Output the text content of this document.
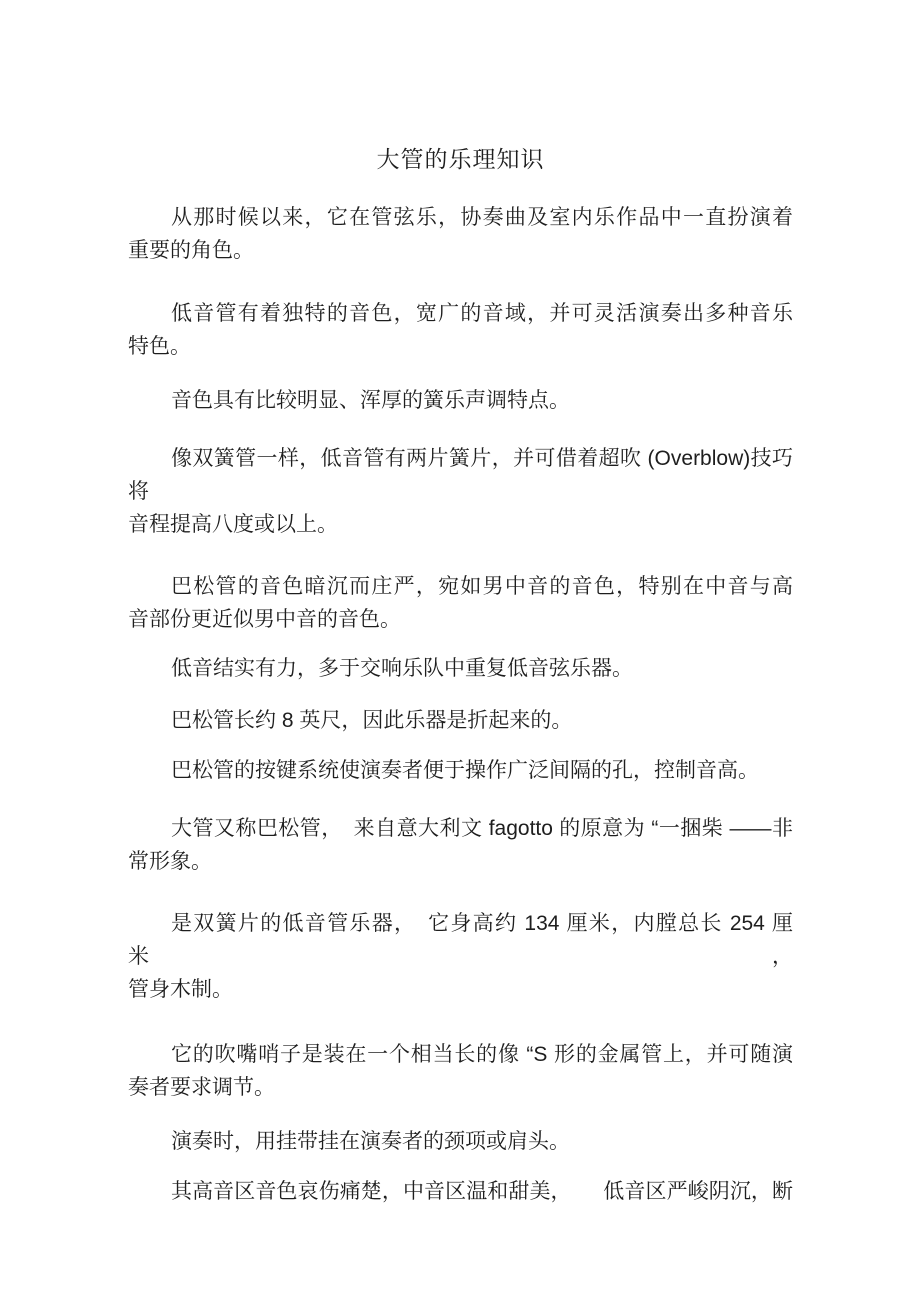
大管的乐理知识

从那时候以来，它在管弦乐，协奏曲及室内乐作品中一直扮演着
重要的角色。

低音管有着独特的音色，宽广的音域，并可灵活演奏出多种音乐
特色。

音色具有比较明显、浑厚的簧乐声调特点。

像双簧管一样，低音管有两片簧片，并可借着超吹 (Overblow)技巧将
音程提高八度或以上。

巴松管的音色暗沉而庄严，宛如男中音的音色，特别在中音与高
音部份更近似男中音的音色。

低音结实有力，多于交响乐队中重复低音弦乐器。

巴松管长约 8 英尺，因此乐器是折起来的。

巴松管的按键系统使演奏者便于操作广泛间隔的孔，控制音高。

大管又称巴松管，　来自意大利文 fagotto 的原意为 “一捆柴 ——非
常形象。

是双簧片的低音管乐器，　它身高约 134 厘米，内膛总长 254 厘米，
管身木制。

它的吹嘴哨子是装在一个相当长的像 “S 形的金属管上，并可随演
奏者要求调节。

演奏时，用挂带挂在演奏者的颈项或肩头。

其高音区音色哀伤痛楚，中音区温和甜美，　　低音区严峻阴沉，断
